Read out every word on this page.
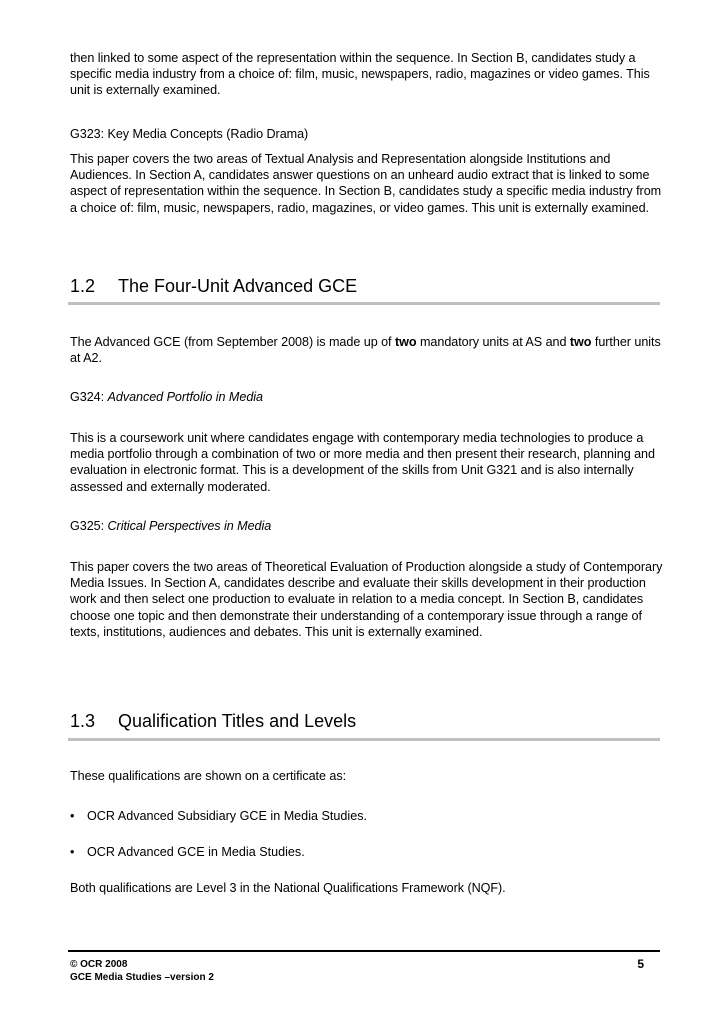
then linked to some aspect of the representation within the sequence. In Section B, candidates study a specific media industry from a choice of: film, music, newspapers, radio, magazines or video games. This unit is externally examined.

G323: Key Media Concepts (Radio Drama)

This paper covers the two areas of Textual Analysis and Representation alongside Institutions and Audiences. In Section A, candidates answer questions on an unheard audio extract that is linked to some aspect of representation within the sequence. In Section B, candidates study a specific media industry from a choice of: film, music, newspapers, radio, magazines, or video games. This unit is externally examined.

1.2 The Four-Unit Advanced GCE

The Advanced GCE (from September 2008) is made up of two mandatory units at AS and two further units at A2.

G324: Advanced Portfolio in Media

This is a coursework unit where candidates engage with contemporary media technologies to produce a media portfolio through a combination of two or more media and then present their research, planning and evaluation in electronic format. This is a development of the skills from Unit G321 and is also internally assessed and externally moderated.

G325: Critical Perspectives in Media

This paper covers the two areas of Theoretical Evaluation of Production alongside a study of Contemporary Media Issues. In Section A, candidates describe and evaluate their skills development in their production work and then select one production to evaluate in relation to a media concept. In Section B, candidates choose one topic and then demonstrate their understanding of a contemporary issue through a range of texts, institutions, audiences and debates. This unit is externally examined.

1.3 Qualification Titles and Levels

These qualifications are shown on a certificate as:

• OCR Advanced Subsidiary GCE in Media Studies.
• OCR Advanced GCE in Media Studies.

Both qualifications are Level 3 in the National Qualifications Framework (NQF).

© OCR 2008
GCE Media Studies –version 2
5
